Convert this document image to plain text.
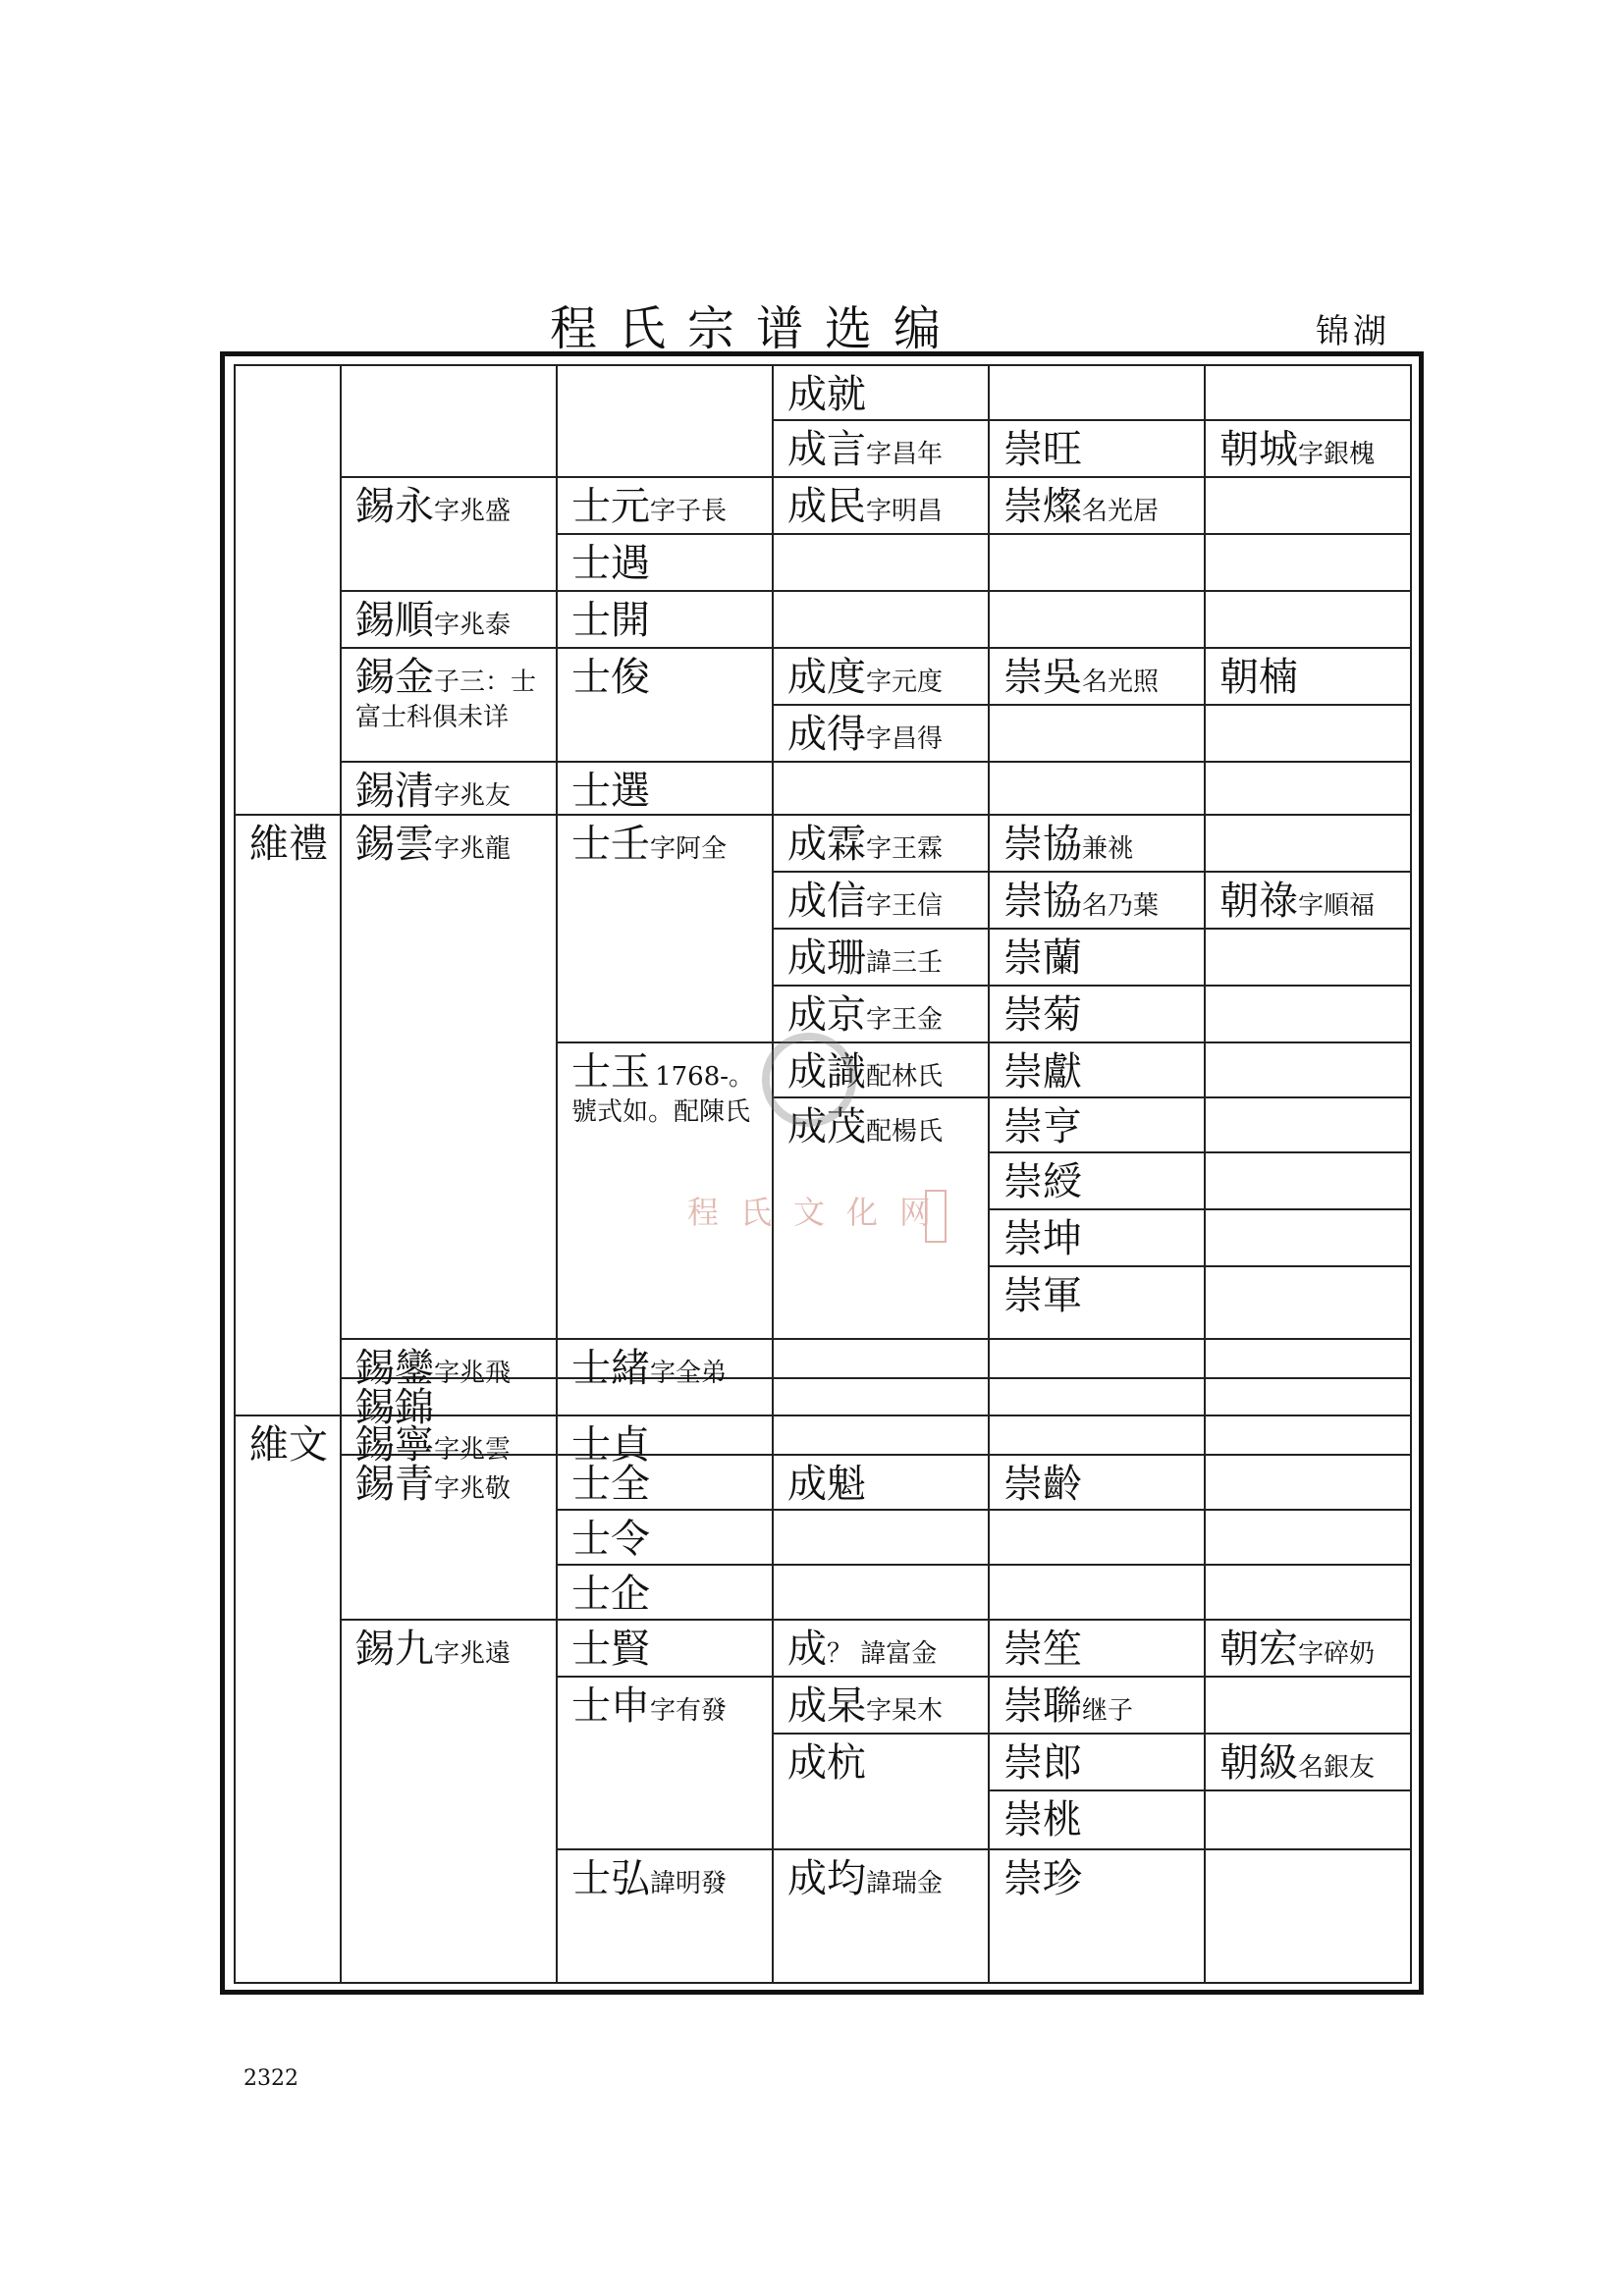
程氏宗谱选编	锦湖
維禮
維文
錫永字兆盛
錫順字兆泰
錫金子三：士
富士科俱未详
錫清字兆友
錫雲字兆龍
錫鑾字兆飛
錫錦
錫寧字兆雲
錫青字兆敬
錫九字兆遠
士元字子長
士遇
士開
士俊
士選
士壬字阿全
士玉 1768-。
號式如。配陳氏
士緒字全弟
士貞
士全
士令
士企
士賢
士申字有發
士弘諱明發
成就
成言字昌年
成民字明昌
成度字元度
成得字昌得
成霖字王霖
成信字王信
成珊諱三壬
成京字王金
成識配林氏
成茂配楊氏
成魁
成？ 諱富金
成杲字杲木
成杭
成均諱瑞金
崇旺
崇燦名光居
崇吳名光照
崇協兼祧
崇協名乃葉
崇蘭
崇菊
崇獻
崇亨
崇綬
崇坤
崇軍
崇齡
崇笙
崇聯继子
崇郎
崇桃
崇珍
朝城字銀槐
朝楠
朝祿字順福
朝宏字碎奶
朝級名銀友
程氏文化网
2322
